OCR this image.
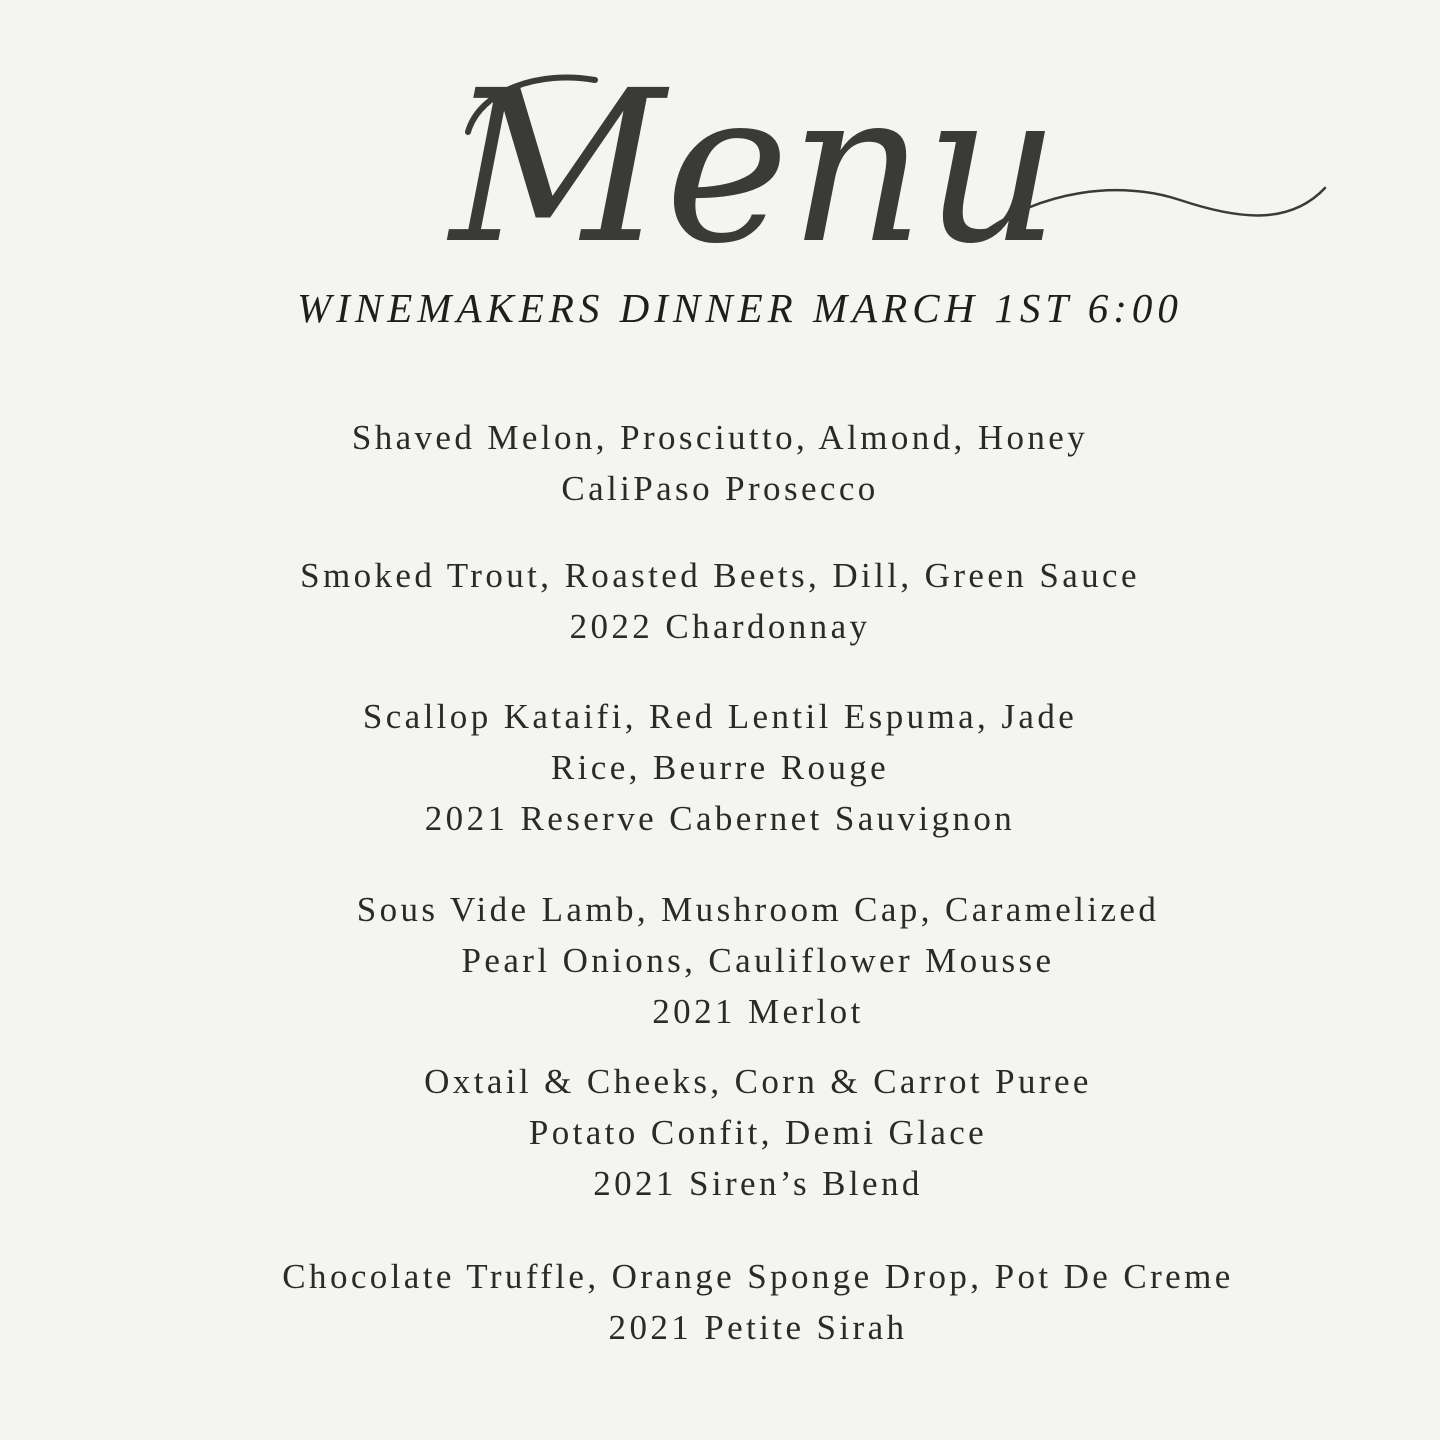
Menu
WINEMAKERS DINNER MARCH 1ST 6:00
Shaved Melon, Prosciutto, Almond, Honey
CaliPaso Prosecco
Smoked Trout, Roasted Beets, Dill, Green Sauce
2022 Chardonnay
Scallop Kataifi, Red Lentil Espuma, Jade
Rice, Beurre Rouge
2021 Reserve Cabernet Sauvignon
Sous Vide Lamb, Mushroom Cap, Caramelized
Pearl Onions, Cauliflower Mousse
2021 Merlot
Oxtail & Cheeks, Corn & Carrot Puree
Potato Confit, Demi Glace
2021 Siren’s Blend
Chocolate Truffle, Orange Sponge Drop, Pot De Creme
2021 Petite Sirah
